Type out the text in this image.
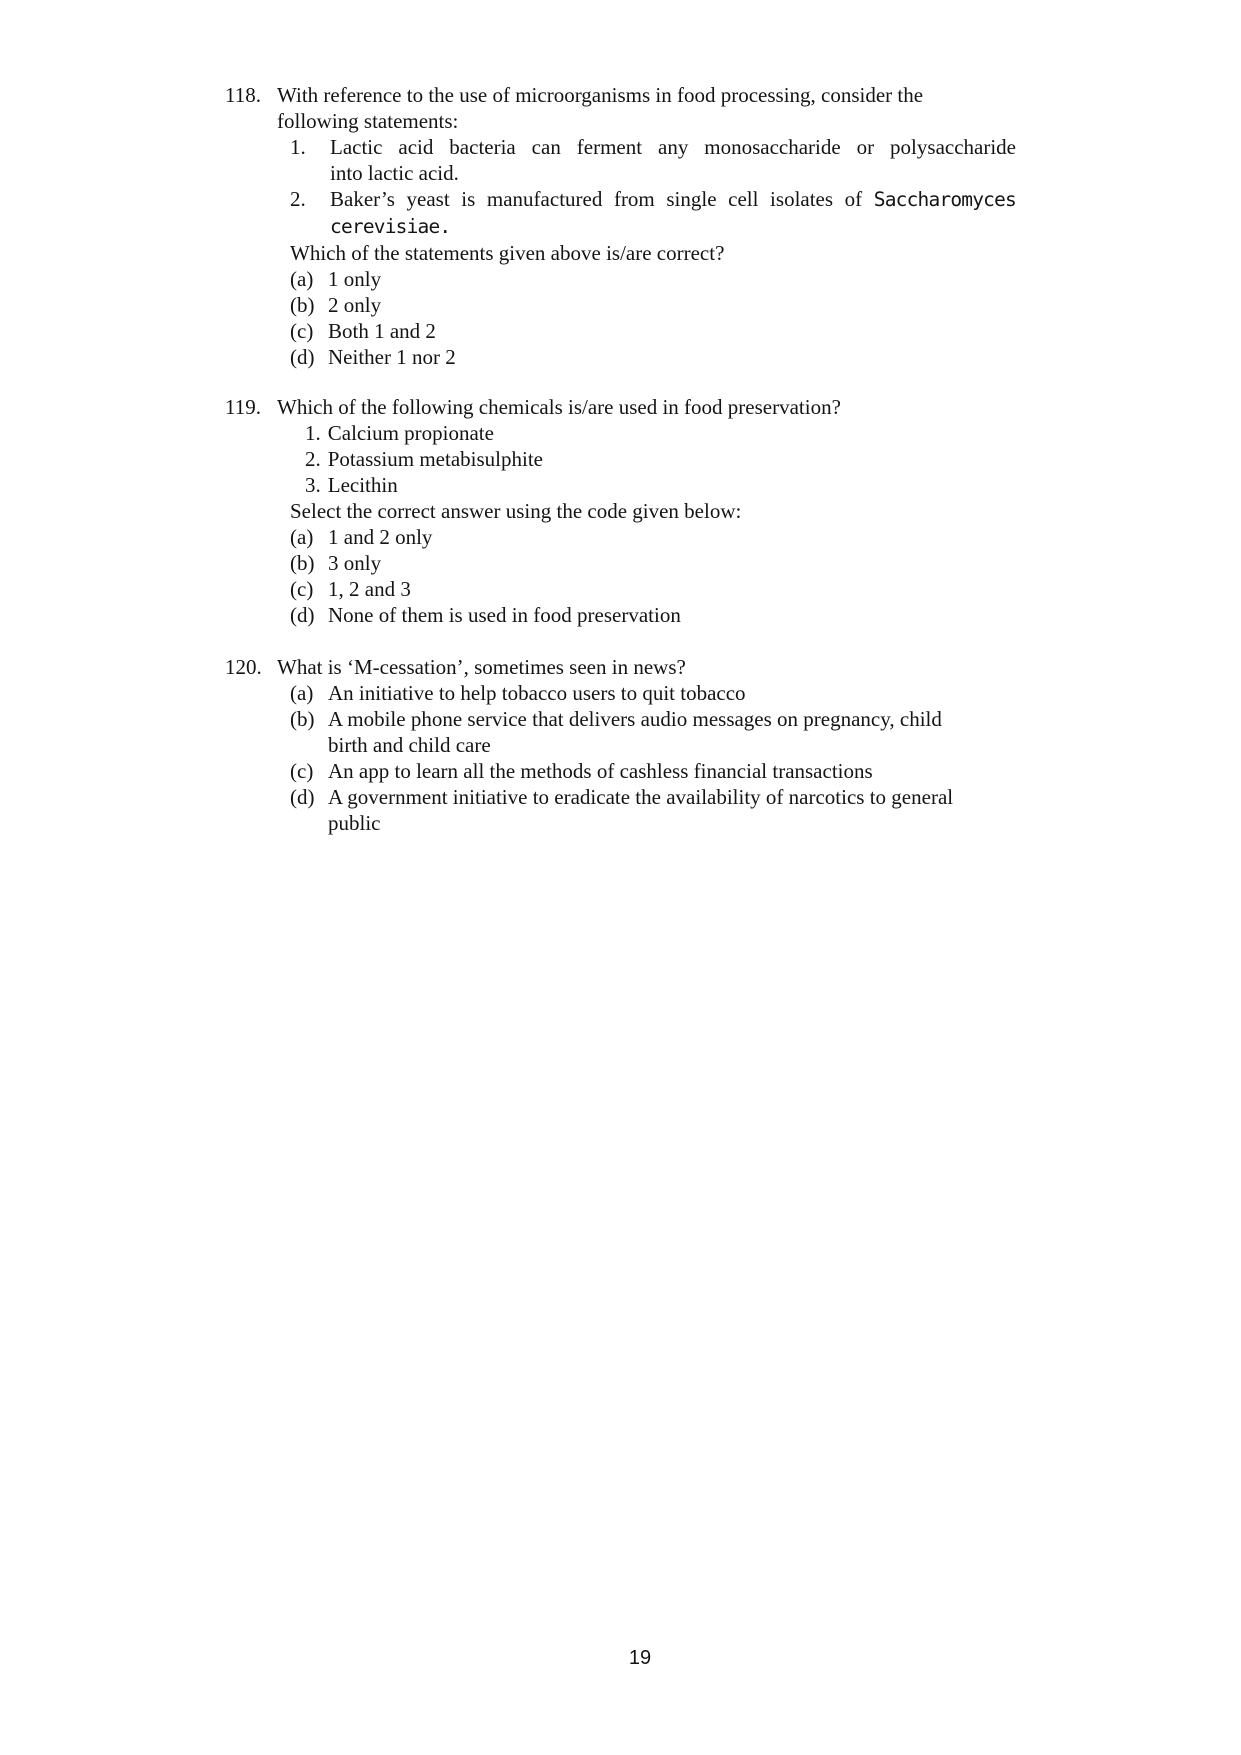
118. With reference to the use of microorganisms in food processing, consider the
following statements:
1.	Lactic acid bacteria can ferment any monosaccharide or polysaccharide
into lactic acid.
2.	Baker’s yeast is manufactured from single cell isolates of Saccharomyces
cerevisiae.
Which of the statements given above is/are correct?
(a) 1 only
(b) 2 only
(c) Both 1 and 2
(d) Neither 1 nor 2
119. Which of the following chemicals is/are used in food preservation?
1. Calcium propionate
2. Potassium metabisulphite
3. Lecithin
Select the correct answer using the code given below:
(a) 1 and 2 only
(b) 3 only
(c) 1, 2 and 3
(d) None of them is used in food preservation
120. What is ‘M-cessation’, sometimes seen in news?
(a) An initiative to help tobacco users to quit tobacco
(b) A mobile phone service that delivers audio messages on pregnancy, child
birth and child care
(c) An app to learn all the methods of cashless financial transactions
(d) A government initiative to eradicate the availability of narcotics to general
public
19
